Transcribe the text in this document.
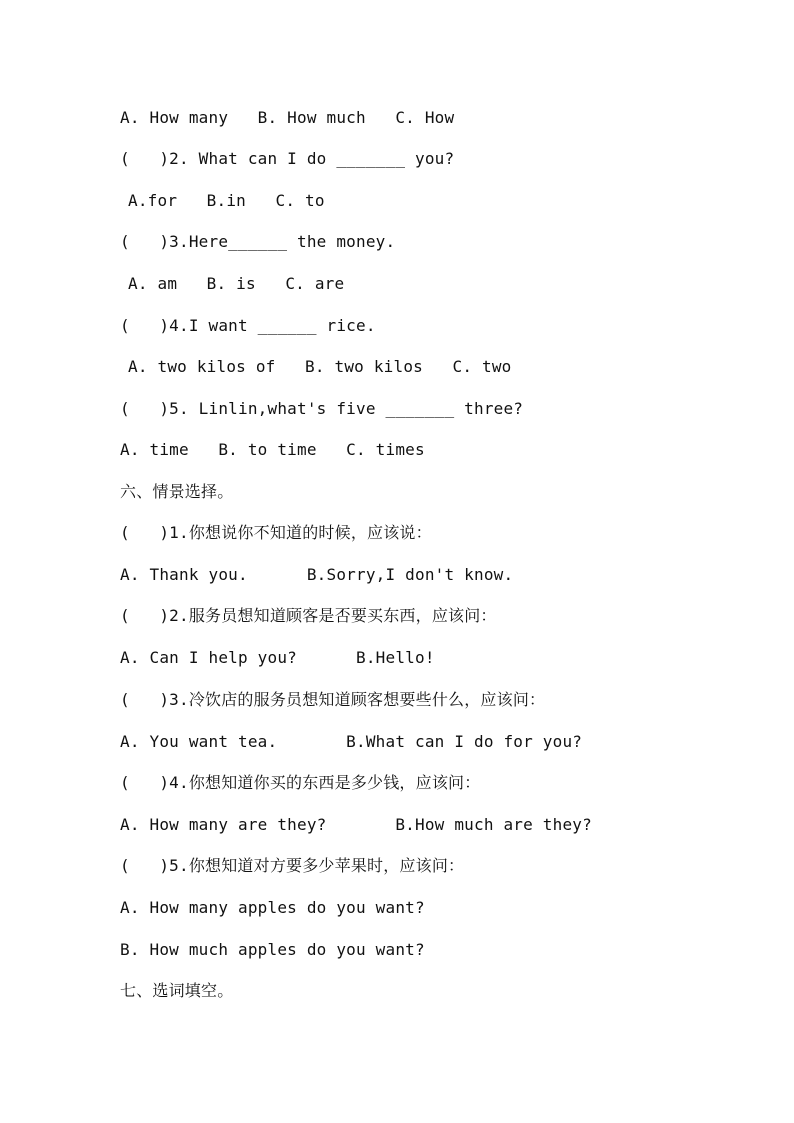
A. How many   B. How much   C. How
(   )2. What can I do _______ you?
A.for   B.in   C. to
(   )3.Here______ the money.
A. am   B. is   C. are
(   )4.I want ______ rice.
A. two kilos of   B. two kilos   C. two
(   )5. Linlin,what's five _______ three?
A. time   B. to time   C. times
六、情景选择。
(   )1.你想说你不知道的时候，应该说：
A. Thank you.      B.Sorry,I don't know.
(   )2.服务员想知道顾客是否要买东西，应该问：
A. Can I help you?      B.Hello!
(   )3.冷饮店的服务员想知道顾客想要些什么，应该问：
A. You want tea.       B.What can I do for you?
(   )4.你想知道你买的东西是多少钱，应该问：
A. How many are they?       B.How much are they?
(   )5.你想知道对方要多少苹果时，应该问：
A. How many apples do you want?
B. How much apples do you want?
七、选词填空。
